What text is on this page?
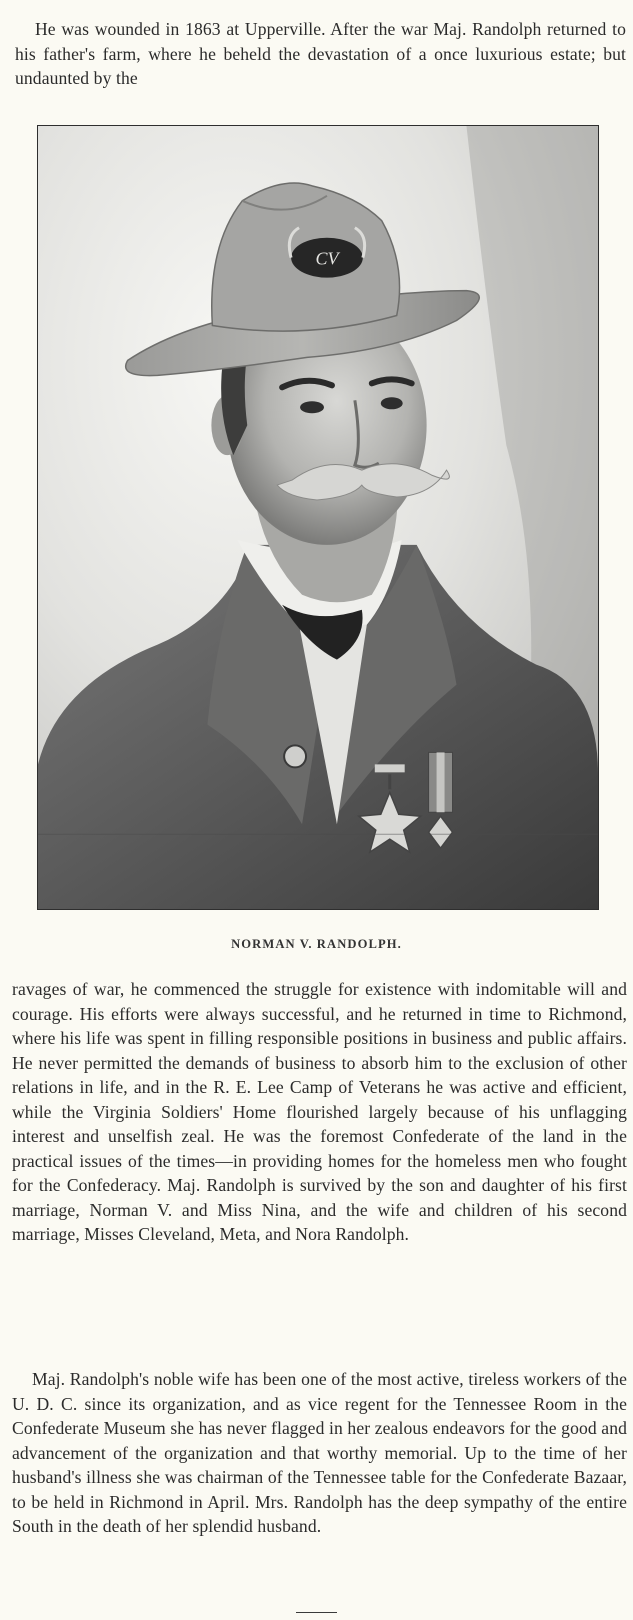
He was wounded in 1863 at Upperville. After the war Maj. Randolph returned to his father's farm, where he beheld the devastation of a once luxurious estate; but undaunted by the

CV

NORMAN V. RANDOLPH.

ravages of war, he commenced the struggle for existence with indomitable will and courage. His efforts were always successful, and he returned in time to Richmond, where his life was spent in filling responsible positions in business and public affairs. He never permitted the demands of business to absorb him to the exclusion of other relations in life, and in the R. E. Lee Camp of Veterans he was active and efficient, while the Virginia Soldiers' Home flourished largely because of his unflagging interest and unselfish zeal. He was the foremost Confederate of the land in the practical issues of the times—in providing homes for the homeless men who fought for the Confederacy. Maj. Randolph is survived by the son and daughter of his first marriage, Norman V. and Miss Nina, and the wife and children of his second marriage, Misses Cleveland, Meta, and Nora Randolph.

Maj. Randolph's noble wife has been one of the most active, tireless workers of the U. D. C. since its organization, and as vice regent for the Tennessee Room in the Confederate Museum she has never flagged in her zealous endeavors for the good and advancement of the organization and that worthy memorial. Up to the time of her husband's illness she was chairman of the Tennessee table for the Confederate Bazaar, to be held in Richmond in April. Mrs. Randolph has the deep sympathy of the entire South in the death of her splendid husband.
